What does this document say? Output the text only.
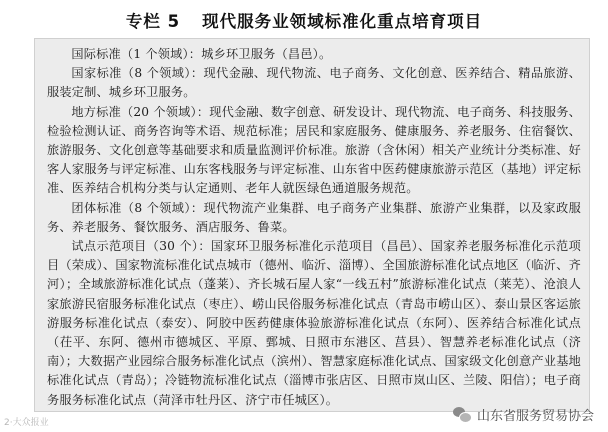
专栏 5 现代服务业领域标准化重点培育项目

国际标准（1 个领域）：城乡环卫服务（昌邑）。

国家标准（8 个领域）：现代金融、现代物流、电子商务、文化创意、医养结合、精品旅游、服装定制、城乡环卫服务。

地方标准（20 个领域）：现代金融、数字创意、研发设计、现代物流、电子商务、科技服务、检验检测认证、商务咨询等术语、规范标准；居民和家庭服务、健康服务、养老服务、住宿餐饮、旅游服务、文化创意等基础要求和质量监测评价标准。旅游（含休闲）相关产业统计分类标准、好客人家服务与评定标准、山东客栈服务与评定标准、山东省中医药健康旅游示范区（基地）评定标准、医养结合机构分类与认定通则、老年人就医绿色通道服务规范。

团体标准（8 个领域）：现代物流产业集群、电子商务产业集群、旅游产业集群，以及家政服务、养老服务、餐饮服务、酒店服务、鲁菜。

试点示范项目（30 个）：国家环卫服务标准化示范项目（昌邑）、国家养老服务标准化示范项目（荣成）、国家物流标准化试点城市（德州、临沂、淄博）、全国旅游标准化试点地区（临沂、齐河）；全域旅游标准化试点（蓬莱）、齐长城石屋人家“一线五村”旅游标准化试点（莱芜）、沧浪人家旅游民宿服务标准化试点（枣庄）、崂山民俗服务标准化试点（青岛市崂山区）、泰山景区客运旅游服务标准化试点（泰安）、阿胶中医药健康体验旅游标准化试点（东阿）、医养结合标准化试点（茌平、东阿、德州市德城区、平原、鄄城、日照市东港区、莒县）、智慧养老标准化试点（济南）；大数据产业园综合服务标准化试点（滨州）、智慧家庭标准化试点、国家级文化创意产业基地标准化试点（青岛）；冷链物流标准化试点（淄博市张店区、日照市岚山区、兰陵、阳信）；电子商务服务标准化试点（菏泽市牡丹区、济宁市任城区）。

2·大众报业	山东省服务贸易协会
